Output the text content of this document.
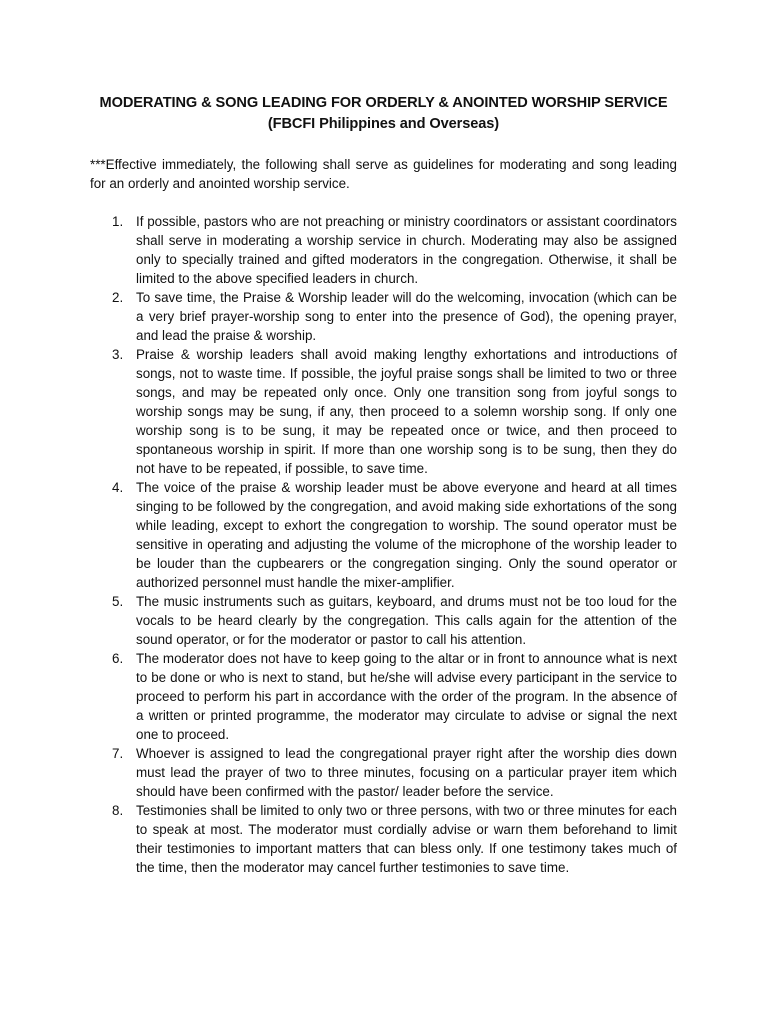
MODERATING & SONG LEADING FOR ORDERLY & ANOINTED WORSHIP SERVICE
(FBCFI Philippines and Overseas)

***Effective immediately, the following shall serve as guidelines for moderating and song leading for an orderly and anointed worship service.

1. If possible, pastors who are not preaching or ministry coordinators or assistant coordinators shall serve in moderating a worship service in church. Moderating may also be assigned only to specially trained and gifted moderators in the congregation. Otherwise, it shall be limited to the above specified leaders in church.
2. To save time, the Praise & Worship leader will do the welcoming, invocation (which can be a very brief prayer-worship song to enter into the presence of God), the opening prayer, and lead the praise & worship.
3. Praise & worship leaders shall avoid making lengthy exhortations and introductions of songs, not to waste time. If possible, the joyful praise songs shall be limited to two or three songs, and may be repeated only once. Only one transition song from joyful songs to worship songs may be sung, if any, then proceed to a solemn worship song. If only one worship song is to be sung, it may be repeated once or twice, and then proceed to spontaneous worship in spirit. If more than one worship song is to be sung, then they do not have to be repeated, if possible, to save time.
4. The voice of the praise & worship leader must be above everyone and heard at all times singing to be followed by the congregation, and avoid making side exhortations of the song while leading, except to exhort the congregation to worship. The sound operator must be sensitive in operating and adjusting the volume of the microphone of the worship leader to be louder than the cupbearers or the congregation singing. Only the sound operator or authorized personnel must handle the mixer-amplifier.
5. The music instruments such as guitars, keyboard, and drums must not be too loud for the vocals to be heard clearly by the congregation. This calls again for the attention of the sound operator, or for the moderator or pastor to call his attention.
6. The moderator does not have to keep going to the altar or in front to announce what is next to be done or who is next to stand, but he/she will advise every participant in the service to proceed to perform his part in accordance with the order of the program. In the absence of a written or printed programme, the moderator may circulate to advise or signal the next one to proceed.
7. Whoever is assigned to lead the congregational prayer right after the worship dies down must lead the prayer of two to three minutes, focusing on a particular prayer item which should have been confirmed with the pastor/ leader before the service.
8. Testimonies shall be limited to only two or three persons, with two or three minutes for each to speak at most. The moderator must cordially advise or warn them beforehand to limit their testimonies to important matters that can bless only. If one testimony takes much of the time, then the moderator may cancel further testimonies to save time.
